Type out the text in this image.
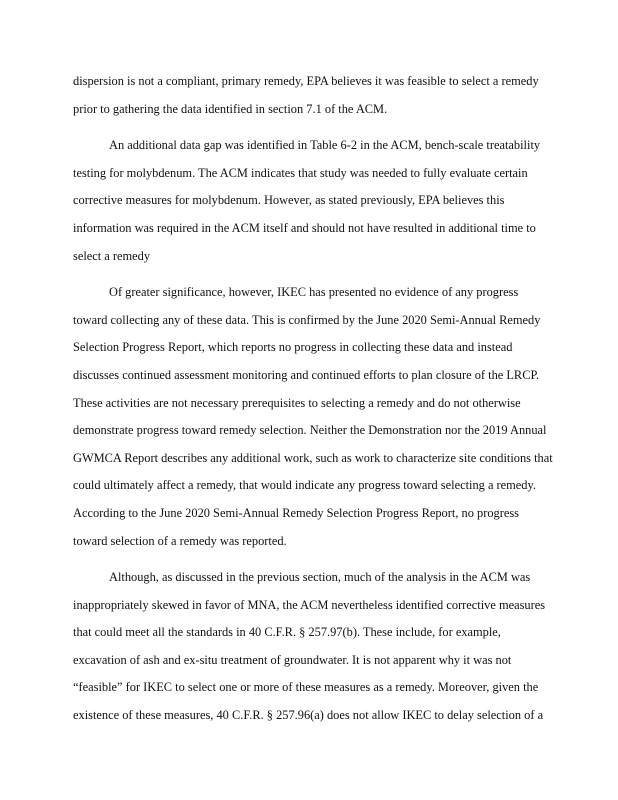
dispersion is not a compliant, primary remedy, EPA believes it was feasible to select a remedy
prior to gathering the data identified in section 7.1 of the ACM.
An additional data gap was identified in Table 6-2 in the ACM, bench-scale treatability
testing for molybdenum. The ACM indicates that study was needed to fully evaluate certain
corrective measures for molybdenum. However, as stated previously, EPA believes this
information was required in the ACM itself and should not have resulted in additional time to
select a remedy
Of greater significance, however, IKEC has presented no evidence of any progress
toward collecting any of these data. This is confirmed by the June 2020 Semi-Annual Remedy
Selection Progress Report, which reports no progress in collecting these data and instead
discusses continued assessment monitoring and continued efforts to plan closure of the LRCP.
These activities are not necessary prerequisites to selecting a remedy and do not otherwise
demonstrate progress toward remedy selection. Neither the Demonstration nor the 2019 Annual
GWMCA Report describes any additional work, such as work to characterize site conditions that
could ultimately affect a remedy, that would indicate any progress toward selecting a remedy.
According to the June 2020 Semi-Annual Remedy Selection Progress Report, no progress
toward selection of a remedy was reported.
Although, as discussed in the previous section, much of the analysis in the ACM was
inappropriately skewed in favor of MNA, the ACM nevertheless identified corrective measures
that could meet all the standards in 40 C.F.R. § 257.97(b). These include, for example,
excavation of ash and ex-situ treatment of groundwater. It is not apparent why it was not
“feasible” for IKEC to select one or more of these measures as a remedy. Moreover, given the
existence of these measures, 40 C.F.R. § 257.96(a) does not allow IKEC to delay selection of a
